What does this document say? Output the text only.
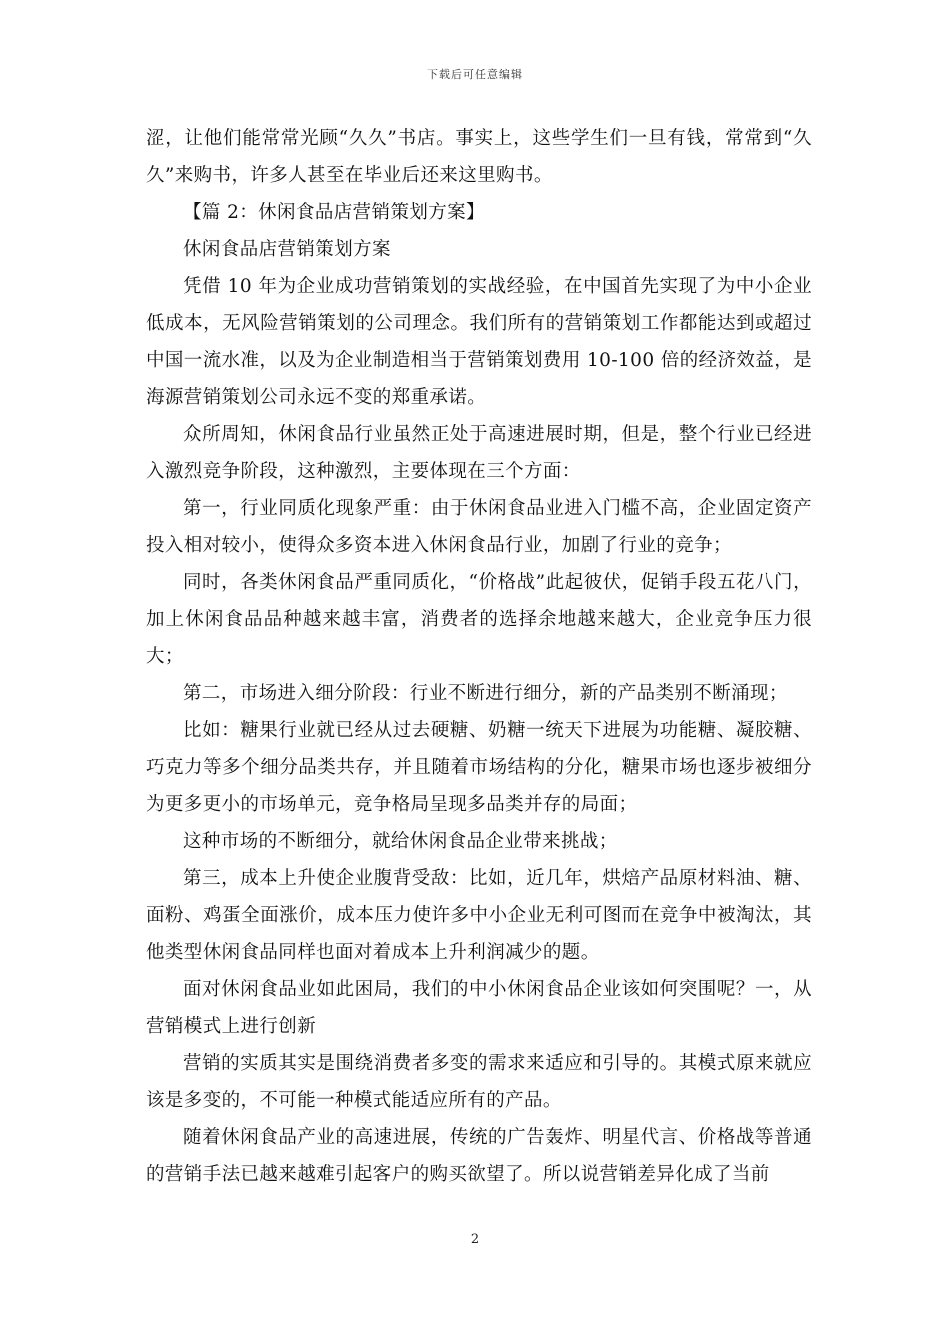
下载后可任意编辑

涩，让他们能常常光顾“久久”书店。事实上，这些学生们一旦有钱，常常到“久久”来购书，许多人甚至在毕业后还来这里购书。

【篇 2：休闲食品店营销策划方案】

休闲食品店营销策划方案

凭借 10 年为企业成功营销策划的实战经验，在中国首先实现了为中小企业低成本，无风险营销策划的公司理念。我们所有的营销策划工作都能达到或超过中国一流水准，以及为企业制造相当于营销策划费用 10-100 倍的经济效益，是海源营销策划公司永远不变的郑重承诺。

众所周知，休闲食品行业虽然正处于高速进展时期，但是，整个行业已经进入激烈竞争阶段，这种激烈，主要体现在三个方面：

第一，行业同质化现象严重：由于休闲食品业进入门槛不高，企业固定资产投入相对较小，使得众多资本进入休闲食品行业，加剧了行业的竞争；

同时，各类休闲食品严重同质化，“价格战”此起彼伏，促销手段五花八门，加上休闲食品品种越来越丰富，消费者的选择余地越来越大，企业竞争压力很大；

第二，市场进入细分阶段：行业不断进行细分，新的产品类别不断涌现；

比如：糖果行业就已经从过去硬糖、奶糖一统天下进展为功能糖、凝胶糖、巧克力等多个细分品类共存，并且随着市场结构的分化，糖果市场也逐步被细分为更多更小的市场单元，竞争格局呈现多品类并存的局面；

这种市场的不断细分，就给休闲食品企业带来挑战；

第三，成本上升使企业腹背受敌：比如，近几年，烘焙产品原材料油、糖、面粉、鸡蛋全面涨价，成本压力使许多中小企业无利可图而在竞争中被淘汰，其他类型休闲食品同样也面对着成本上升利润减少的题。

面对休闲食品业如此困局，我们的中小休闲食品企业该如何突围呢？一，从营销模式上进行创新

营销的实质其实是围绕消费者多变的需求来适应和引导的。其模式原来就应该是多变的，不可能一种模式能适应所有的产品。

随着休闲食品产业的高速进展，传统的广告轰炸、明星代言、价格战等普通的营销手法已越来越难引起客户的购买欲望了。所以说营销差异化成了当前

2
